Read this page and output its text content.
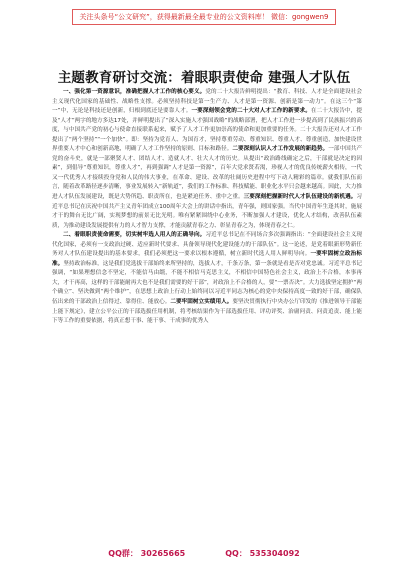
关注头条号“公文研究”，获得最新最全最专业的公文资料库！ 微信：gongwen9
主题教育研讨交流：着眼职责使命 建强人才队伍

一、强化第一资源意识，准确把握人才工作的核心要义。党的二十大报告鲜明提出：“教育、科技、人才是全面建设社会主义现代化国家的基础性、战略性支撑。必须坚持科技是第一生产力、人才是第一资源、创新是第一动力”。在这三个“第一”中，无论是科技还是创新，归根到底还是要靠人才。一要深刻领会党的二十大对人才工作的新要求。在二十大报告中，提及“人才”两字的地方多达17处，并鲜明提出了“深入实施人才强国战略”的战略部署，把人才工作进一步提高到了民族振兴的高度，与中国共产党的初心与使命直接联系起来，赋予了人才工作更加崇高的使命和更加重要的任务。二十大报告还对人才工作提出了“两个坚持”“一个加快”。即：坚持为党育人、为国育才，坚持尊重劳动、尊重知识、尊重人才、尊重创造，加快建设世界重要人才中心和创新高地，明确了人才工作坚持的原则、目标和路径。二要深刻认识人才工作发展的新趋势。一部中国共产党的奋斗史，就是一部聚贤人才、团结人才、造就人才、壮大人才的历史。从提出“政治路线确定之后，干部就是决定的因素”，到倡导“尊重知识，尊重人才”，再到强调“人才是第一资源”，百年大党求贤若渴，珍视人才的优良传统薪火相传，一代又一代优秀人才接续投身党和人民的伟大事业，在革命、建设、改革的壮阔历史进程中写下动人精彩的篇章。就我们队伍而言，随着改革路径逐步清晰，事业发展转入“新轨道”，我们的工作标准、科技赋能、职业化水平只会越来越高。因此，大力推进人才队伍发展建设，既是大势所趋、职责所在，也是紧迫任务、重中之重。三要深刻把握新时代人才队伍建设的新机遇。习近平总书记在庆祝中国共产主义青年团成立100周年大会上的讲话中指出，青年强，则国家强。当代中国青年生逢其时，施展才干的舞台无比广阔，实现梦想的前景无比光明。唯有紧紧围绕中心业务，不断加强人才建设，优化人才结构，改善队伍素质，为推动建设发展提供有力的人才智力支撑，才能贡献青春之力、彰显青春之为，体现青春之仁。

二、着眼职责使命需要，切实树牢选人用人的正确导向。习近平总书记在不同场合多次强调指出：“全面建设社会主义现代化国家，必须有一支政治过硬、适应新时代要求、具备领导现代化建设能力的干部队伍”。这一论述，是党着眼新形势新任务对人才队伍建设提出的基本要求，我们必须把这一要求以根本遵循，树立新时代选人用人鲜明导向。一要牢固树立政治标准。坚持政治标准，这是我们党选拔干部始终来所坚持的，选拔人才，千条万条，第一条就是看是否对党忠诚。习近平总书记强调，“如果理想信念不坚定，不能信马由缰，不能不相信马克思主义，不相信中国特色社会主义，政治上不合格，本事再大，才干再高，这样的干部能耐再大也不是我们需要的好干部”，对政治上不合格的人，要“一票否决”。大力选拔坚定拥护“两个确立”、坚决做到“两个维护”，在思想上政治上行动上始终同以习近平同志为核心的党中央保持高度一致的好干部，确保队伍出来的干部政治上信得过、靠得住、能放心。二要牢固树立实绩用人。要坚决贯彻执行中央办公厅印发的《推进领导干部能上能下规定》，建立公平公正的干部选拔任用机制，将考核结果作为干部选拔任用、评功评奖、治庸问责、问责追责、能上能下等工作的重要依据，将真正想干事、能干事、干成事的优秀人

QQ群： 30265665	QQ： 535304092
